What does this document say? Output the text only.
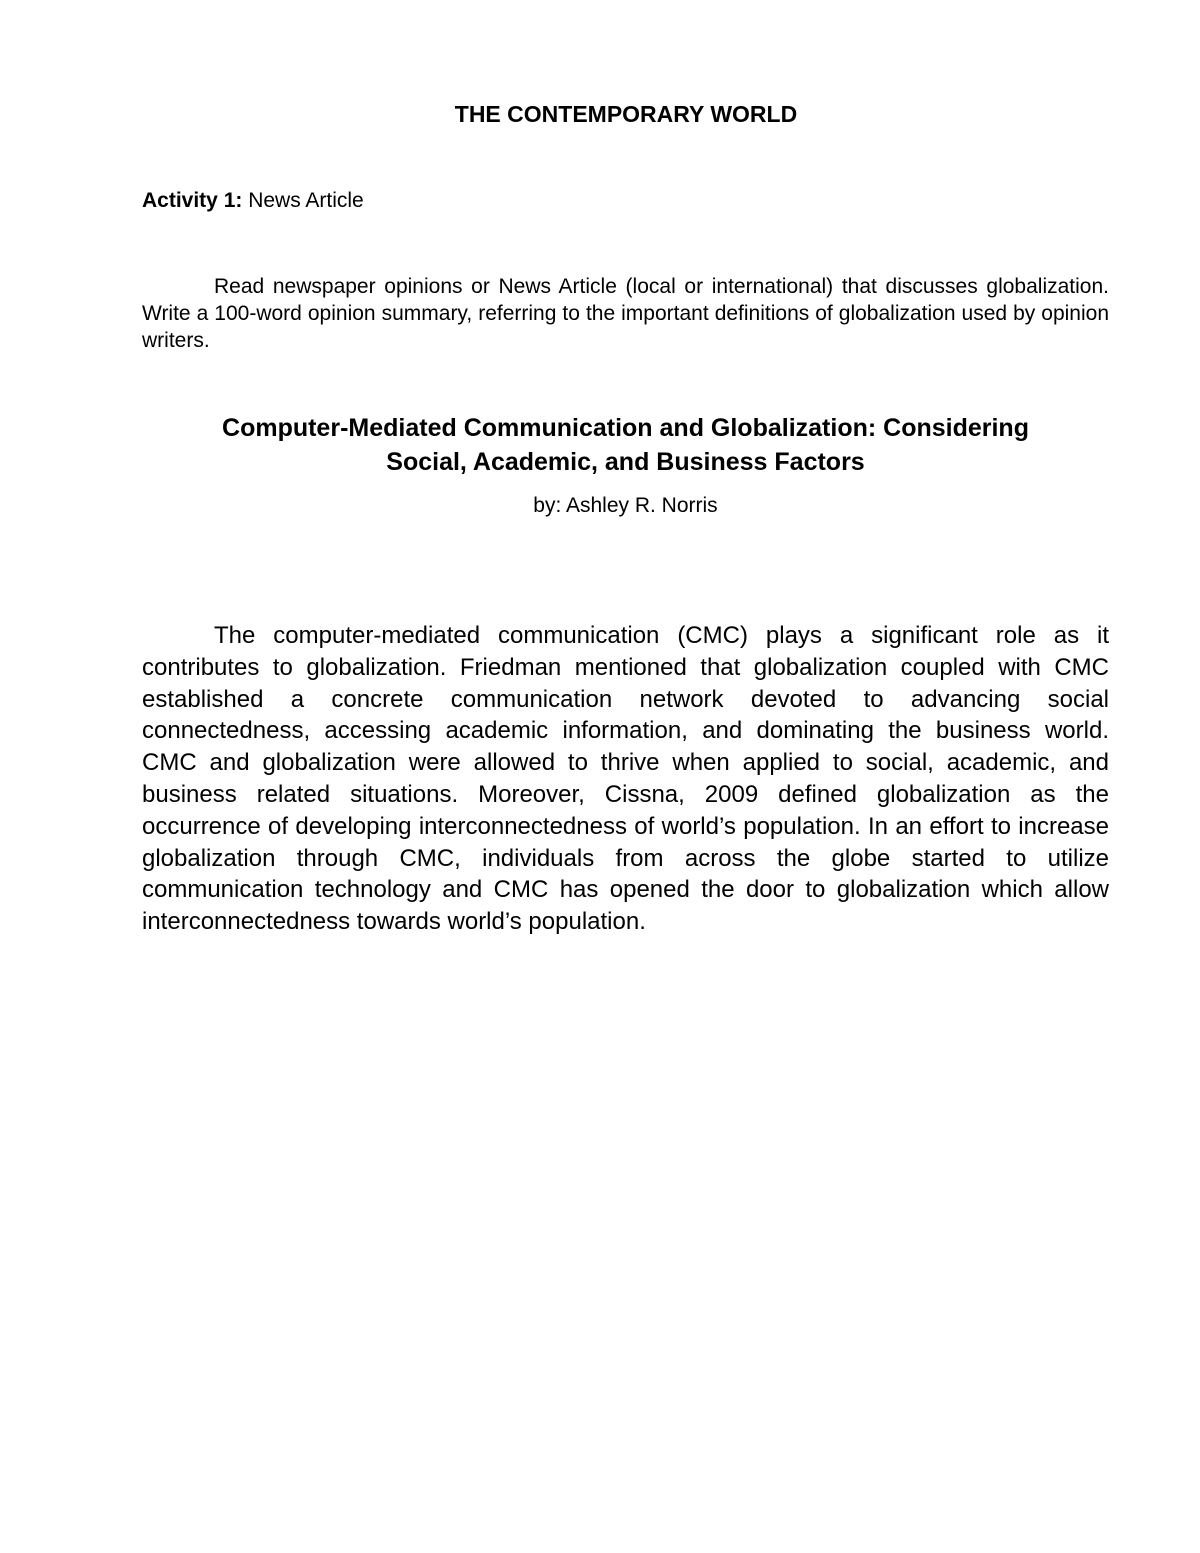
THE CONTEMPORARY WORLD
Activity 1: News Article

Read newspaper opinions or News Article (local or international) that discusses globalization. Write a 100-word opinion summary, referring to the important definitions of globalization used by opinion writers.

Computer-Mediated Communication and Globalization: Considering
Social, Academic, and Business Factors
by: Ashley R. Norris

The computer-mediated communication (CMC) plays a significant role as it contributes to globalization. Friedman mentioned that globalization coupled with CMC established a concrete communication network devoted to advancing social connectedness, accessing academic information, and dominating the business world. CMC and globalization were allowed to thrive when applied to social, academic, and business related situations. Moreover, Cissna, 2009 defined globalization as the occurrence of developing interconnectedness of world’s population. In an effort to increase globalization through CMC, individuals from across the globe started to utilize communication technology and CMC has opened the door to globalization which allow interconnectedness towards world’s population.
